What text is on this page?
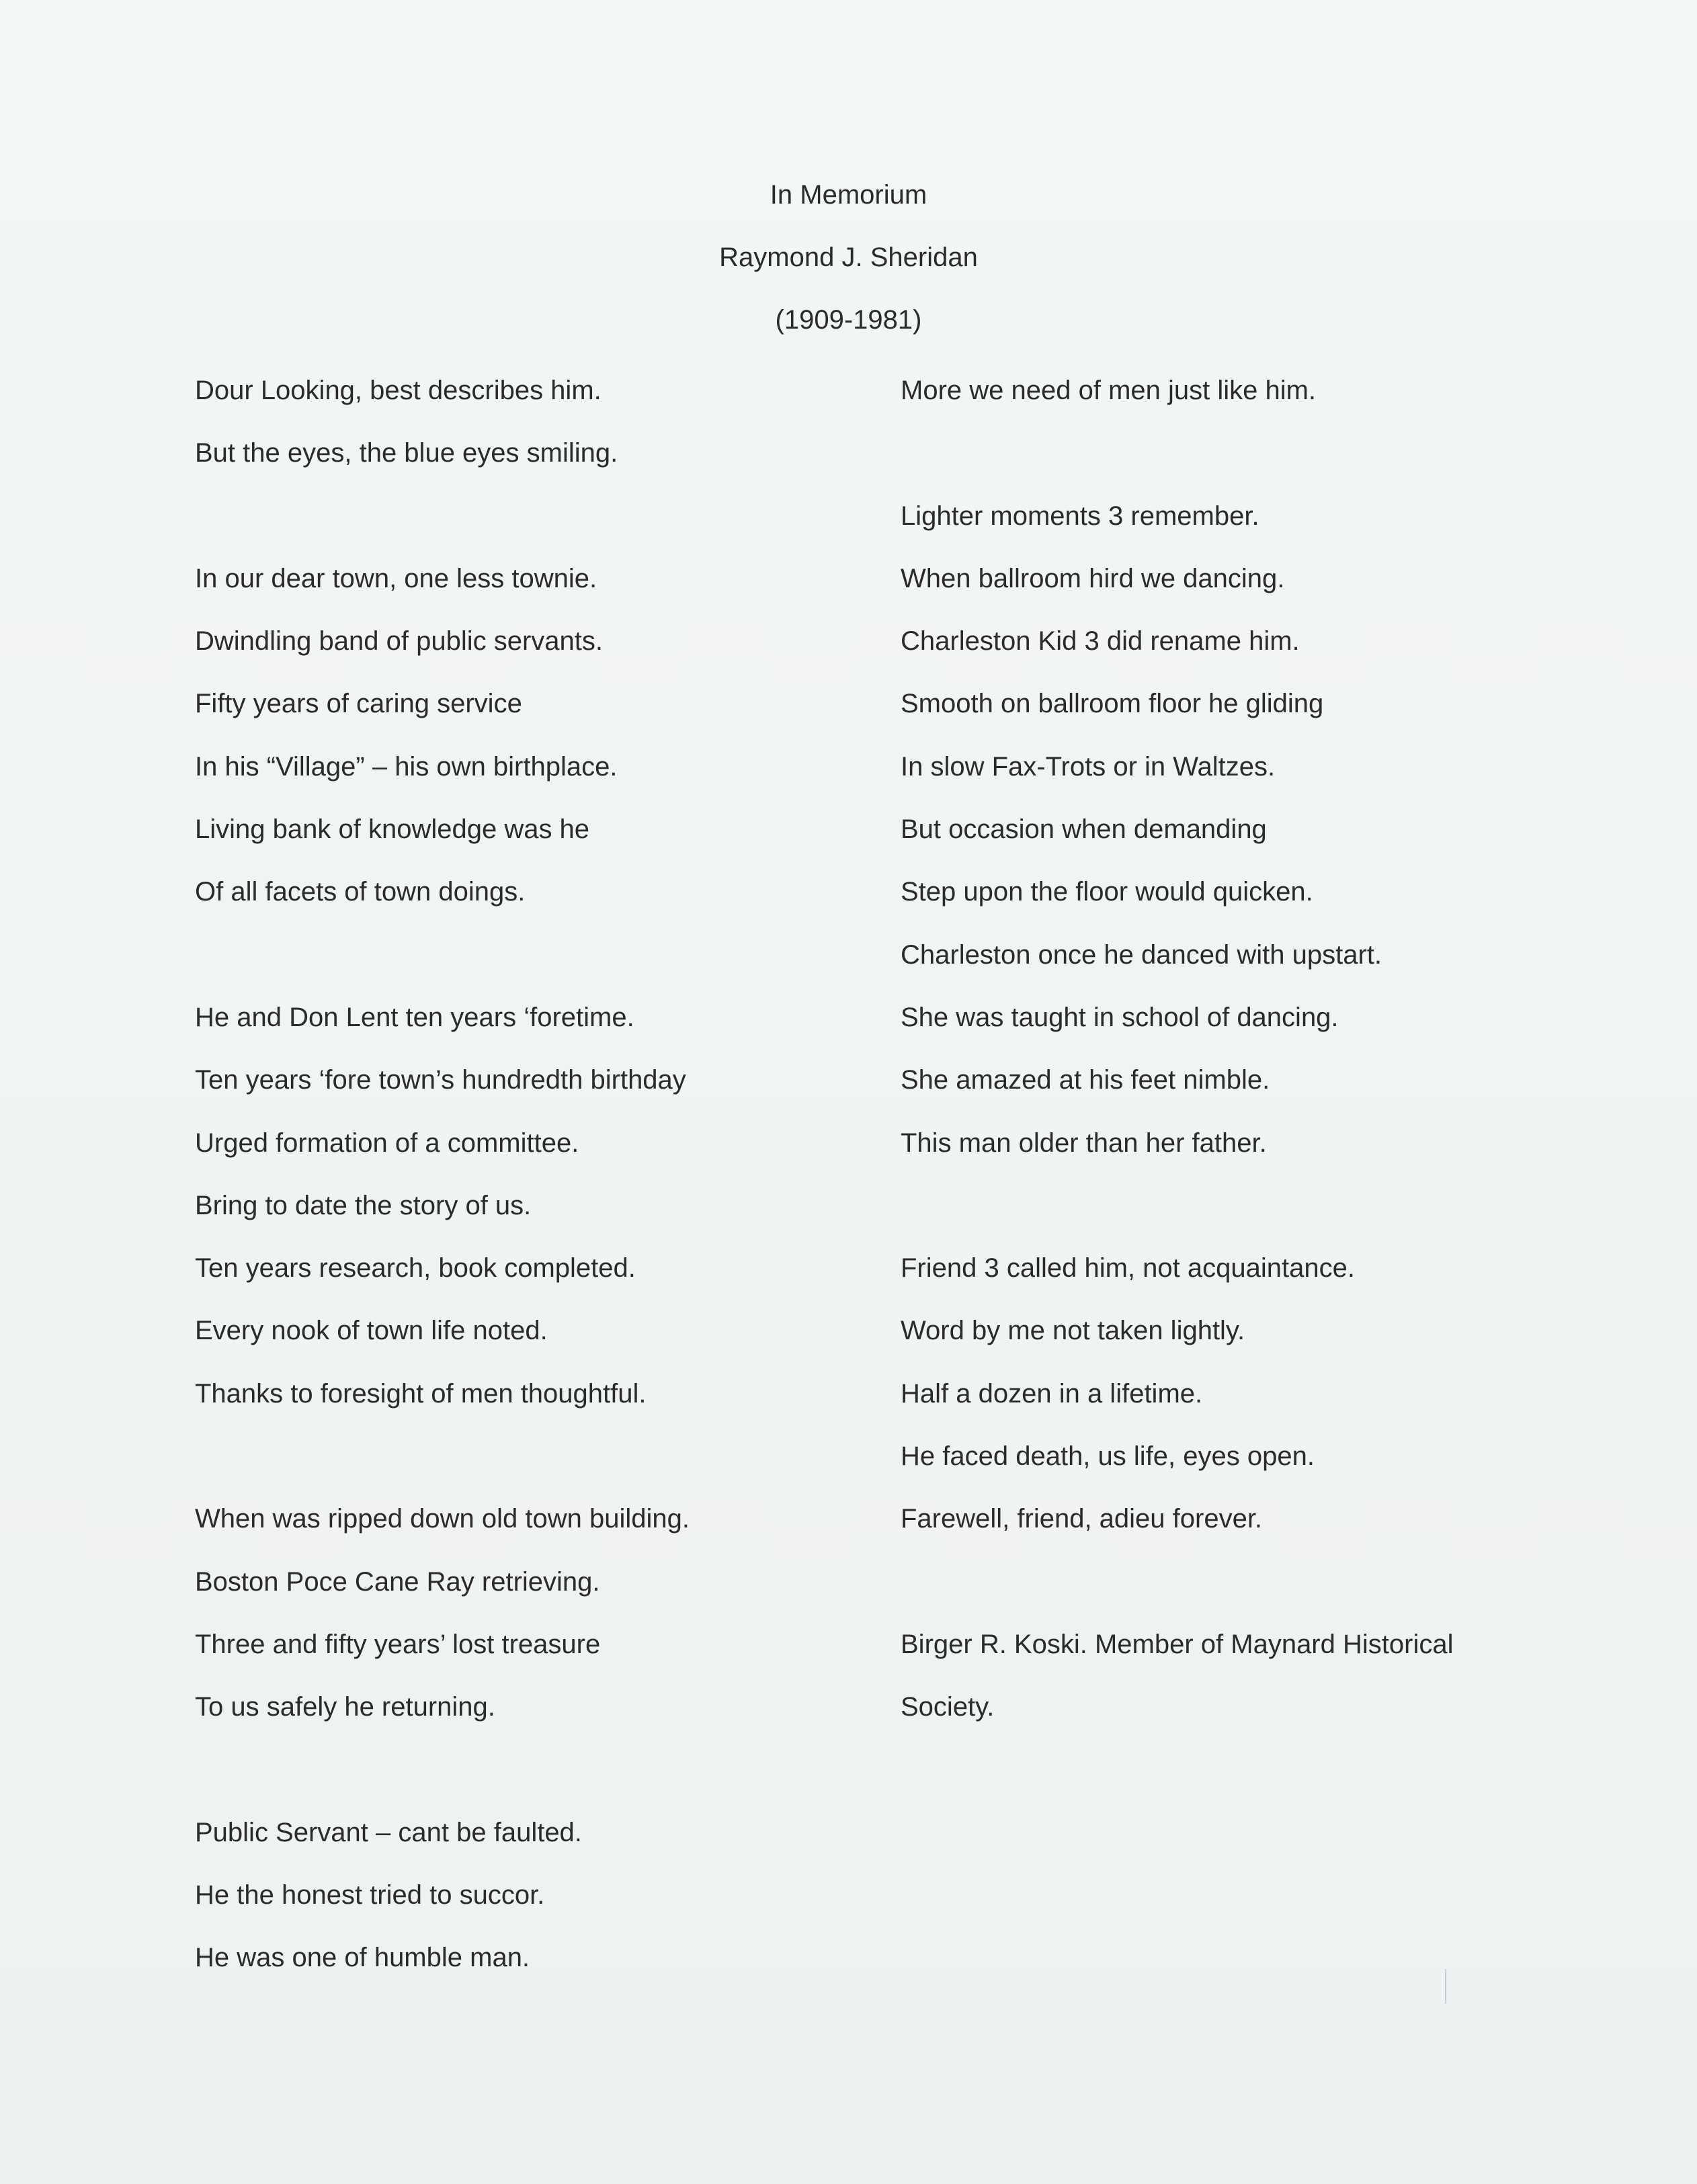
In Memorium
Raymond J. Sheridan
(1909-1981)
Dour Looking, best describes him.
But the eyes, the blue eyes smiling.
In our dear town, one less townie.
Dwindling band of public servants.
Fifty years of caring service
In his “Village” – his own birthplace.
Living bank of knowledge was he
Of all facets of town doings.
He and Don Lent ten years ‘foretime.
Ten years ‘fore town’s hundredth birthday
Urged formation of a committee.
Bring to date the story of us.
Ten years research, book completed.
Every nook of town life noted.
Thanks to foresight of men thoughtful.
When was ripped down old town building.
Boston Poce Cane Ray retrieving.
Three and fifty years’ lost treasure
To us safely he returning.
Public Servant – cant be faulted.
He the honest tried to succor.
He was one of humble man.
More we need of men just like him.
Lighter moments 3 remember.
When ballroom hird we dancing.
Charleston Kid 3 did rename him.
Smooth on ballroom floor he gliding
In slow Fax-Trots or in Waltzes.
But occasion when demanding
Step upon the floor would quicken.
Charleston once he danced with upstart.
She was taught in school of dancing.
She amazed at his feet nimble.
This man older than her father.
Friend 3 called him, not acquaintance.
Word by me not taken lightly.
Half a dozen in a lifetime.
He faced death, us life, eyes open.
Farewell, friend, adieu forever.
Birger R. Koski. Member of Maynard Historical
Society.
